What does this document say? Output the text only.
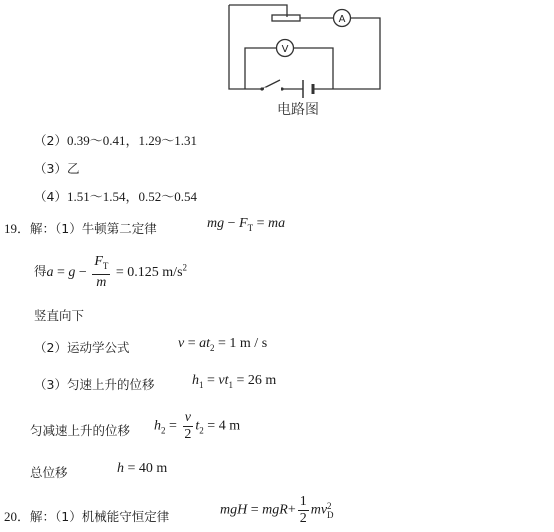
A
V
电路图
（2）0.39～0.41，1.29～1.31
（3）乙
（4）1.51～1.54，0.52～0.54
19．解：（1）牛顿第二定律	mg − $F_T$ = ma
得$a = g - \frac{F_T}{m} = 0.125$ $m/s^2$
竖直向下
（2）运动学公式	$v = at_2 = 1$ m / s
（3）匀速上升的位移	$h_1 = vt_1 = 26$ m
匀减速上升的位移 $h_2 = \frac{v}{2} t_2 = 4$ m
总位移	h = 40 m
20．解：（1）机械能守恒定律	mgH = $mgR+ \frac{1}{2}$ mv 2
D
